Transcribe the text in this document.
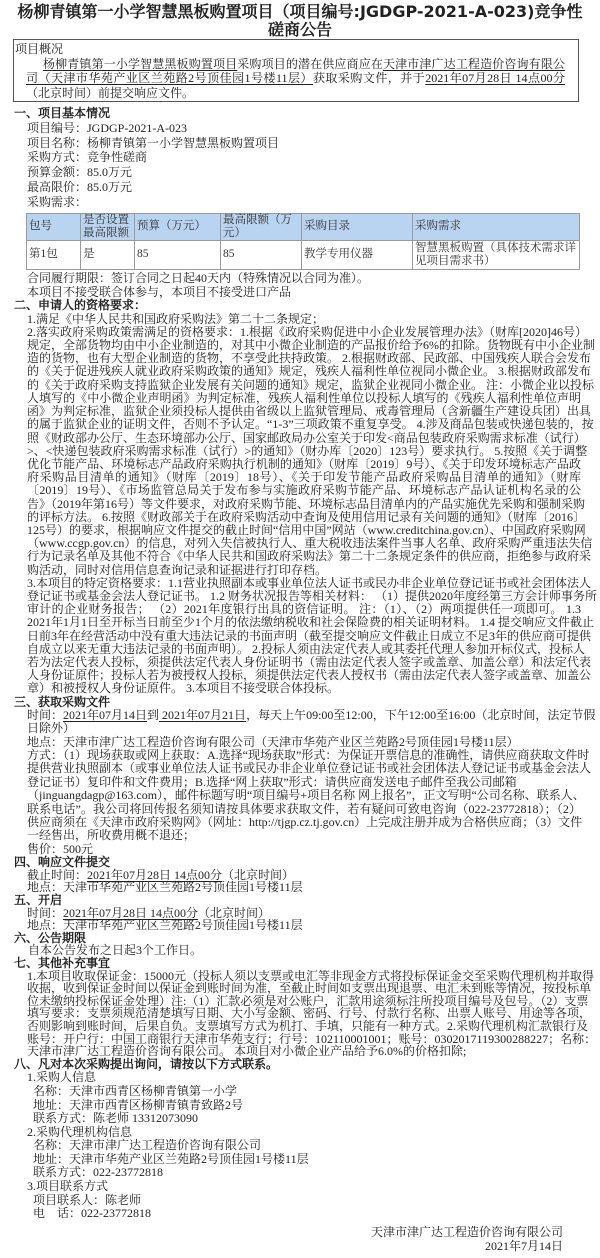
杨柳青镇第一小学智慧黑板购置项目（项目编号:JGDGP-2021-A-023)竞争性磋商公告
项目概况

杨柳青镇第一小学智慧黑板购置项目采购项目的潜在供应商应在天津市津广达工程造价咨询有限公司（天津市华苑产业区兰苑路2号顶佳园1号楼11层）获取采购文件，并于2021年07月28日 14点00分（北京时间）前提交响应文件。

一、项目基本情况
项目编号：JGDGP-2021-A-023
项目名称：杨柳青镇第一小学智慧黑板购置项目
采购方式：竞争性磋商
预算金额：85.0万元
最高限价：85.0万元
采购需求：
包号	是否设置最高限额	预算（万元）	最高限额（万元）	采购目录	采购需求
第1包	是	85	85	教学专用仪器	智慧黑板购置（具体技术需求详见项目需求书）
合同履行期限：签订合同之日起40天内（特殊情况以合同为准）。
本项目不接受联合体参与，本项目不接受进口产品
二、申请人的资格要求：
1.满足《中华人民共和国政府采购法》第二十二条规定；
2.落实政府采购政策需满足的资格要求：1.根据《政府采购促进中小企业发展管理办法》（财库[2020]46号）
规定，全部货物均由中小企业制造的，对其中小微企业制造的产品报价给予6%的扣除。货物既有中小企业制
造的货物，也有大型企业制造的货物，不享受此扶持政策。 2.根据财政部、民政部、中国残疾人联合会发布
的《关于促进残疾人就业政府采购政策的通知》规定，残疾人福利性单位视同小微企业。 3.根据财政部发布
的《关于政府采购支持监狱企业发展有关问题的通知》规定，监狱企业视同小微企业。 注：小微企业以投标
人填写的《中小微企业声明函》为判定标准，残疾人福利性单位以投标人填写的《残疾人福利性单位声明
函》为判定标准，监狱企业须投标人提供由省级以上监狱管理局、戒毒管理局（含新疆生产建设兵团）出具
的属于监狱企业的证明文件，否则不予认定。“1-3”三项政策不重复享受。 4.涉及商品包装或快递包装的，按
照《财政部办公厅、生态环境部办公厅、国家邮政局办公室关于印发<商品包装政府采购需求标准（试行）
>、<快递包装政府采购需求标准（试行）>的通知》（财办库〔2020〕123号）要求执行。 5.按照《关于调整
优化节能产品、环境标志产品政府采购执行机制的通知》（财库〔2019〕9号）、《关于印发环境标志产品政
府采购品目清单的通知》（财库〔2019〕18号）、《关于印发节能产品政府采购品目清单的通知》（财库
〔2019〕19号）、《市场监管总局关于发布参与实施政府采购节能产品、环境标志产品认证机构名录的公
告》（2019年第16号）等文件要求，对政府采购节能、环境标志品目清单内的产品实施优先采购和强制采购
的评标方法。 6.按照《财政部关于在政府采购活动中查询及使用信用记录有关问题的通知》（财库〔2016〕
125号）的要求，根据响应文件提交的截止时间“信用中国”网站（www.creditchina.gov.cn）、中国政府采购网
（www.ccgp.gov.cn）的信息，对列入失信被执行人、重大税收违法案件当事人名单、政府采购严重违法失信
行为记录名单及其他不符合《中华人民共和国政府采购法》第二十二条规定条件的供应商，拒绝参与政府采
购活动，同时对信用信息查询记录和证据进行打印存档。
3.本项目的特定资格要求：1.1营业执照副本或事业单位法人证书或民办非企业单位登记证书或社会团体法人
登记证书或基金会法人登记证书。 1.2 财务状况报告等相关材料： （1）提供2020年度经第三方会计师事务所
审计的企业财务报告； （2）2021年度银行出具的资信证明。 注：（1）、（2）两项提供任一项即可。 1.3
2021年1月1日至开标当日前至少1个月的依法缴纳税收和社会保险费的相关证明材料。 1.4 提交响应文件截止
日前3年在经营活动中没有重大违法记录的书面声明（截至提交响应文件截止日成立不足3年的供应商可提供
自成立以来无重大违法记录的书面声明）。 2.投标人须由法定代表人或其委托代理人参加开标仪式，投标人
若为法定代表人投标，须提供法定代表人身份证明书（需由法定代表人签字或盖章、加盖公章）和法定代表
人身份证原件；投标人若为被授权人投标，须提供法定代表人授权书（需由法定代表人签字或盖章、加盖公
章）和被授权人身份证原件。 3.本项目不接受联合体投标。
三、获取采购文件
时间：2021年07月14日到 2021年07月21日，每天上午09:00至12:00，下午12:00至16:00（北京时间，法定节假
日除外）
地点：天津市津广达工程造价咨询有限公司（天津市华苑产业区兰苑路2号顶佳园1号楼11层）
方式：（1）现场获取或网上获取：A.选择“现场获取”形式：为保证开票信息的准确性，请供应商获取文件时
提供营业执照副本（或事业单位法人证书或民办非企业单位登记证书或社会团体法人登记证书或基金会法人
登记证书）复印件和文件费用；B.选择“网上获取”形式：请供应商发送电子邮件至我公司邮箱
（jinguangdagp@163.com），邮件标题写明“项目编号+项目名称 网上报名”，正文写明“公司名称、联系人、
联系电话”。我公司将回传报名须知请按具体要求获取文件，若有疑问可致电咨询（022-23772818）；（2）
供应商须在《天津市政府采购网》（网址：http://tjgp.cz.tj.gov.cn）上完成注册并成为合格供应商；（3）文件
一经售出，所收费用概不退还；
售价：500元
四、响应文件提交
截止时间：2021年07月28日 14点00分（北京时间）
地点：天津市华苑产业区兰苑路2号顶佳园1号楼11层
五、开启
时间：2021年07月28日 14点00分（北京时间）
地点：天津市华苑产业区兰苑路2号顶佳园1号楼11层
六、公告期限
自本公告发布之日起3个工作日。
七、其他补充事宜
1.本项目收取保证金：15000元（投标人须以支票或电汇等非现金方式将投标保证金交至采购代理机构并取得
收据，收到保证金时间以保证金到账时间为准，至截止时间如支票出现退票、电汇未到账等情况，按投标单
位未缴纳投标保证金处理）注:（1）汇款必须是对公账户，汇款用途须标注所投项目编号及包号。（2）支票
填写要求：支票须规范清楚填写日期、大小写金额、密码、行号、付款行名称、出票人账号、用途等各项，
否则影响到账时间，后果自负。支票填写方式为机打、手填，只能有一种方式。2.采购代理机构汇款银行及
账号：开户行：中国工商银行天津市华苑支行；行号：102110001001；账号：0302017119300288227；名称：
天津市津广达工程造价咨询有限公司。 本项目对小微企业产品给予6.0%的价格扣除;
八、凡对本次采购提出询问，请按以下方式联系。
1.采购人信息
名称：天津市西青区杨柳青镇第一小学
地址：天津市西青区杨柳青镇青致路2号
联系方式：陈老师 13312073090
2.采购代理机构信息
名称：天津市津广达工程造价咨询有限公司
地址：天津市华苑产业区兰苑路2号顶佳园1号楼11层
联系方式：022-23772818
3.项目联系方式
项目联系人：陈老师
电　话：022-23772818
天津市津广达工程造价咨询有限公司
2021年7月14日
